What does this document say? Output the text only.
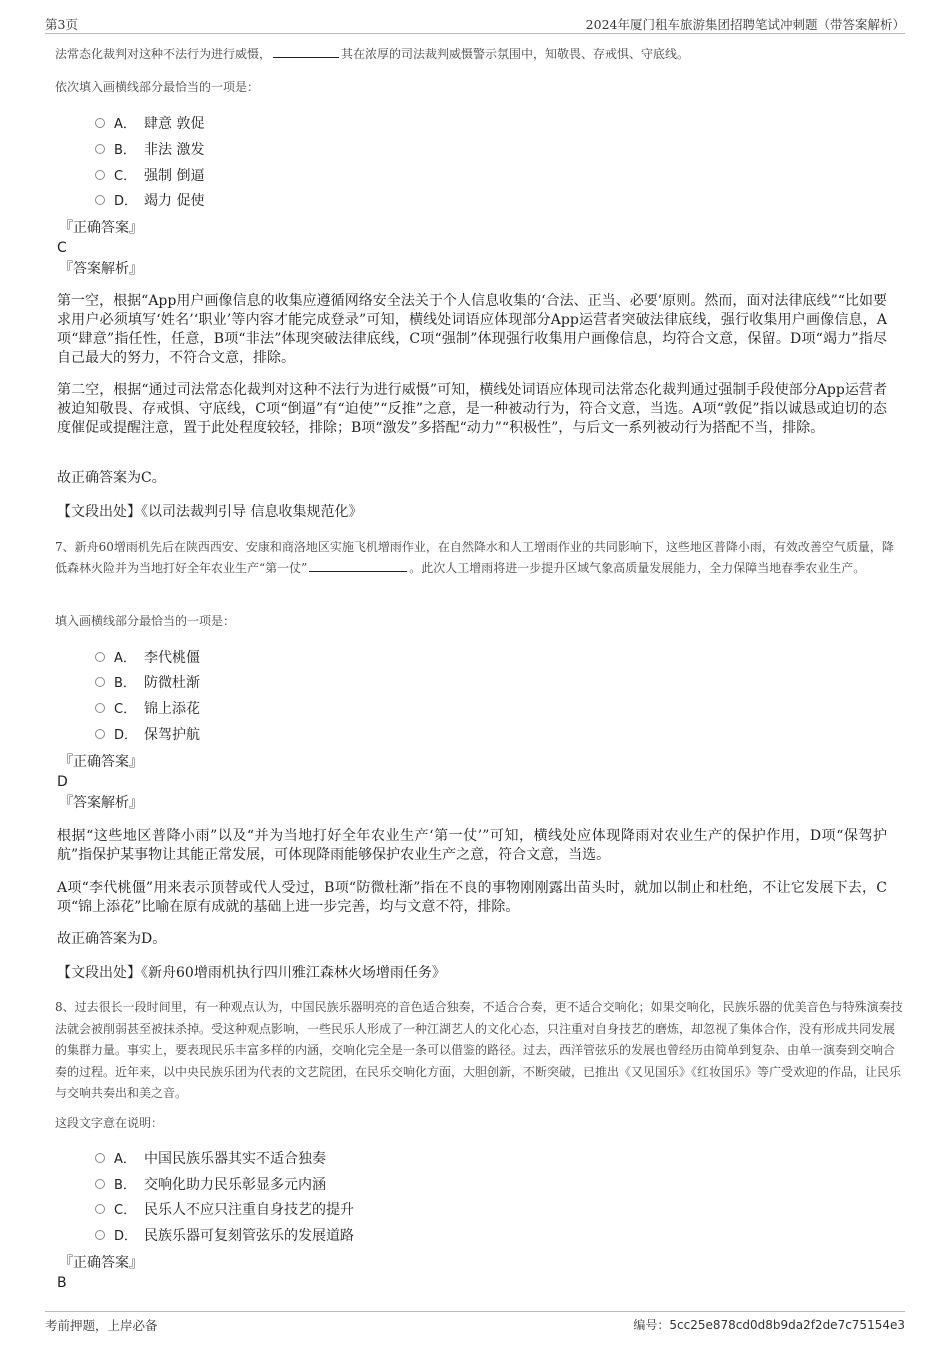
第3页	2024年厦门租车旅游集团招聘笔试冲刺题（带答案解析）
法常态化裁判对这种不法行为进行威慑，	其在浓厚的司法裁判威慑警示氛围中，知敬畏、存戒惧、守底线。
依次填入画横线部分最恰当的一项是：
A． 肆意 敦促
B． 非法 激发
C． 强制 倒逼
D． 竭力 促使
『正确答案』
C
『答案解析』
第一空，根据“App用户画像信息的收集应遵循网络安全法关于个人信息收集的‘合法、正当、必要’原则。然而，面对法律底线”“比如要求用户必须填写‘姓名’‘职业’等内容才能完成登录”可知，横线处词语应体现部分App运营者突破法律底线，强行收集用户画像信息，A项“肆意”指任性，任意，B项“非法”体现突破法律底线，C项“强制”体现强行收集用户画像信息，均符合文意，保留。D项“竭力”指尽自己最大的努力，不符合文意，排除。
第二空，根据“通过司法常态化裁判对这种不法行为进行威慑”可知，横线处词语应体现司法常态化裁判通过强制手段使部分App运营者被迫知敬畏、存戒惧、守底线，C项“倒逼”有“迫使”“反推”之意，是一种被动行为，符合文意，当选。A项“敦促”指以诚恳或迫切的态度催促或提醒注意，置于此处程度较轻，排除；B项“激发”多搭配“动力”“积极性”，与后文一系列被动行为搭配不当，排除。
故正确答案为C。
【文段出处】《以司法裁判引导 信息收集规范化》
7、新舟60增雨机先后在陕西西安、安康和商洛地区实施飞机增雨作业，在自然降水和人工增雨作业的共同影响下，这些地区普降小雨，有效改善空气质量，降低森林火险并为当地打好全年农业生产“第一仗”	。此次人工增雨将进一步提升区域气象高质量发展能力，全力保障当地春季农业生产。
填入画横线部分最恰当的一项是：
A． 李代桃僵
B． 防微杜渐
C． 锦上添花
D． 保驾护航
『正确答案』
D
『答案解析』
根据“这些地区普降小雨”以及“并为当地打好全年农业生产‘第一仗’”可知，横线处应体现降雨对农业生产的保护作用，D项“保驾护航”指保护某事物让其能正常发展，可体现降雨能够保护农业生产之意，符合文意，当选。
A项“李代桃僵”用来表示顶替或代人受过，B项“防微杜渐”指在不良的事物刚刚露出苗头时，就加以制止和杜绝，不让它发展下去，C项“锦上添花”比喻在原有成就的基础上进一步完善，均与文意不符，排除。
故正确答案为D。
【文段出处】《新舟60增雨机执行四川雅江森林火场增雨任务》
8、过去很长一段时间里，有一种观点认为，中国民族乐器明亮的音色适合独奏，不适合合奏，更不适合交响化；如果交响化，民族乐器的优美音色与特殊演奏技法就会被削弱甚至被抹杀掉。受这种观点影响，一些民乐人形成了一种江湖艺人的文化心态，只注重对自身技艺的磨炼，却忽视了集体合作，没有形成共同发展的集群力量。事实上，要表现民乐丰富多样的内涵，交响化完全是一条可以借鉴的路径。过去，西洋管弦乐的发展也曾经历由简单到复杂、由单一演奏到交响合奏的过程。近年来，以中央民族乐团为代表的文艺院团，在民乐交响化方面，大胆创新，不断突破，已推出《又见国乐》《红妆国乐》等广受欢迎的作品，让民乐与交响共奏出和美之音。
这段文字意在说明：
A． 中国民族乐器其实不适合独奏
B． 交响化助力民乐彰显多元内涵
C． 民乐人不应只注重自身技艺的提升
D． 民族乐器可复刻管弦乐的发展道路
『正确答案』
B
考前押题，上岸必备	编号：5cc25e878cd0d8b9da2f2de7c75154e3
